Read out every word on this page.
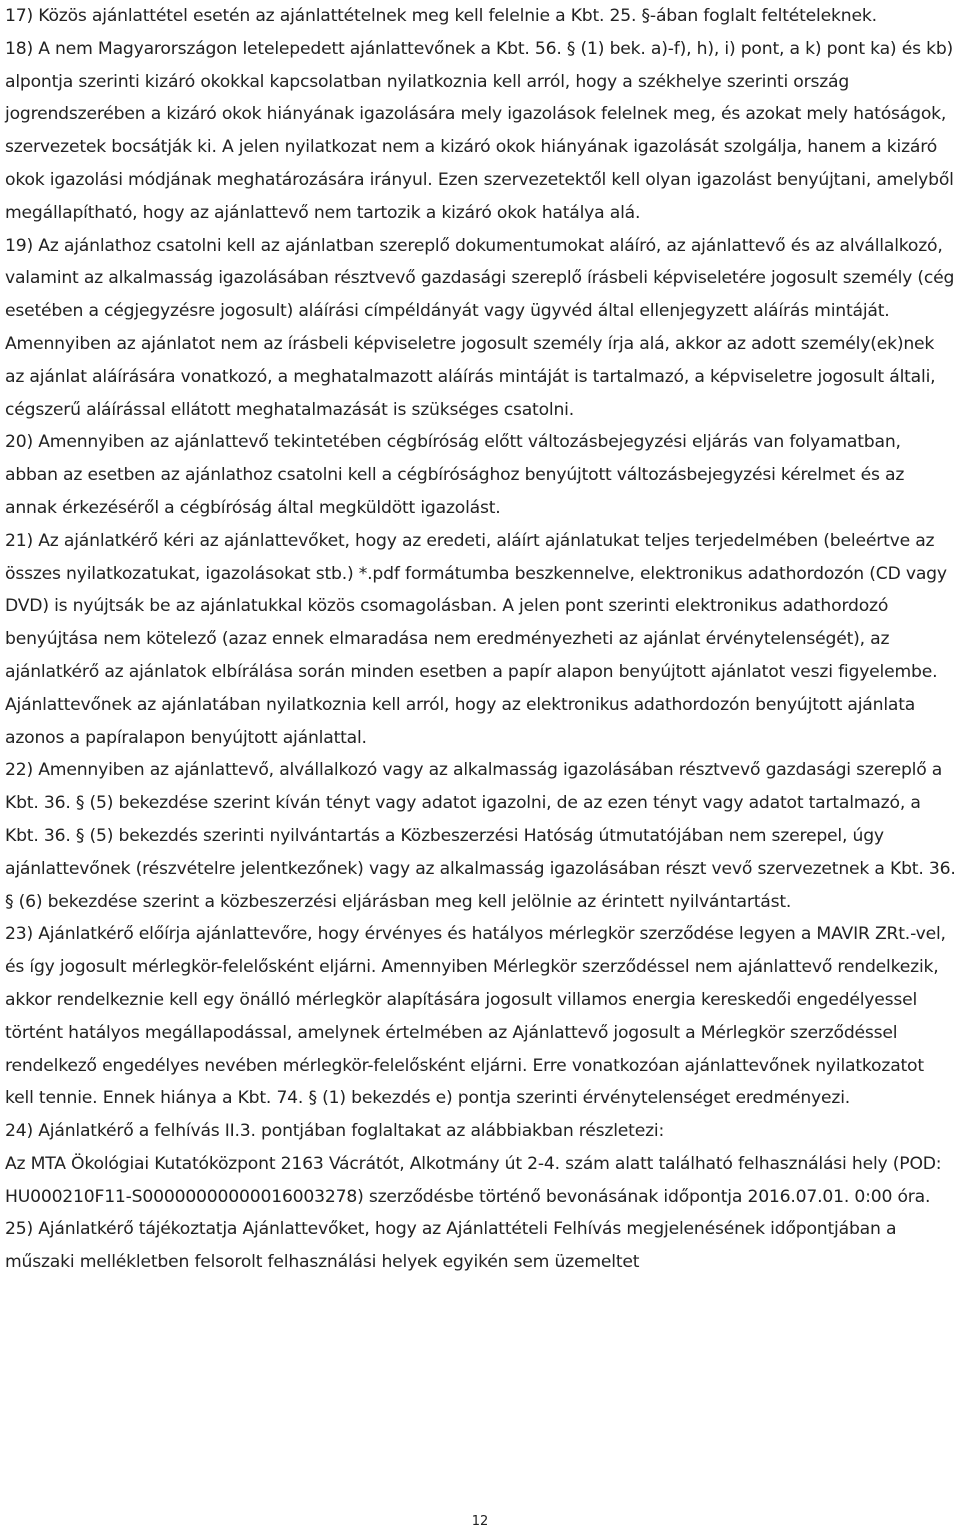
17) Közös ajánlattétel esetén az ajánlattételnek meg kell felelnie a Kbt. 25. §-ában foglalt feltételeknek.

18) A nem Magyarországon letelepedett ajánlattevőnek a Kbt. 56. § (1) bek. a)-f), h), i) pont, a k) pont ka) és kb) alpontja szerinti kizáró okokkal kapcsolatban nyilatkoznia kell arról, hogy a székhelye szerinti ország jogrendszerében a kizáró okok hiányának igazolására mely igazolások felelnek meg, és azokat mely hatóságok, szervezetek bocsátják ki. A jelen nyilatkozat nem a kizáró okok hiányának igazolását szolgálja, hanem a kizáró okok igazolási módjának meghatározására irányul. Ezen szervezetektől kell olyan igazolást benyújtani, amelyből megállapítható, hogy az ajánlattevő nem tartozik a kizáró okok hatálya alá.

19) Az ajánlathoz csatolni kell az ajánlatban szereplő dokumentumokat aláíró, az ajánlattevő és az alvállalkozó, valamint az alkalmasság igazolásában résztvevő gazdasági szereplő írásbeli képviseletére jogosult személy (cég esetében a cégjegyzésre jogosult) aláírási címpéldányát vagy ügyvéd által ellenjegyzett aláírás mintáját. Amennyiben az ajánlatot nem az írásbeli képviseletre jogosult személy írja alá, akkor az adott személy(ek)nek az ajánlat aláírására vonatkozó, a meghatalmazott aláírás mintáját is tartalmazó, a képviseletre jogosult általi, cégszerű aláírással ellátott meghatalmazását is szükséges csatolni.

20) Amennyiben az ajánlattevő tekintetében cégbíróság előtt változásbejegyzési eljárás van folyamatban, abban az esetben az ajánlathoz csatolni kell a cégbírósághoz benyújtott változásbejegyzési kérelmet és az annak érkezéséről a cégbíróság által megküldött igazolást.

21) Az ajánlatkérő kéri az ajánlattevőket, hogy az eredeti, aláírt ajánlatukat teljes terjedelmében (beleértve az összes nyilatkozatukat, igazolásokat stb.) *.pdf formátumba beszkennelve, elektronikus adathordozón (CD vagy DVD) is nyújtsák be az ajánlatukkal közös csomagolásban. A jelen pont szerinti elektronikus adathordozó benyújtása nem kötelező (azaz ennek elmaradása nem eredményezheti az ajánlat érvénytelenségét), az ajánlatkérő az ajánlatok elbírálása során minden esetben a papír alapon benyújtott ajánlatot veszi figyelembe.

Ajánlattevőnek az ajánlatában nyilatkoznia kell arról, hogy az elektronikus adathordozón benyújtott ajánlata azonos a papíralapon benyújtott ajánlattal.

22) Amennyiben az ajánlattevő, alvállalkozó vagy az alkalmasság igazolásában résztvevő gazdasági szereplő a Kbt. 36. § (5) bekezdése szerint kíván tényt vagy adatot igazolni, de az ezen tényt vagy adatot tartalmazó, a Kbt. 36. § (5) bekezdés szerinti nyilvántartás a Közbeszerzési Hatóság útmutatójában nem szerepel, úgy ajánlattevőnek (részvételre jelentkezőnek) vagy az alkalmasság igazolásában részt vevő szervezetnek a Kbt. 36. § (6) bekezdése szerint a közbeszerzési eljárásban meg kell jelölnie az érintett nyilvántartást.

23) Ajánlatkérő előírja ajánlattevőre, hogy érvényes és hatályos mérlegkör szerződése legyen a MAVIR ZRt.-vel, és így jogosult mérlegkör-felelősként eljárni. Amennyiben Mérlegkör szerződéssel nem ajánlattevő rendelkezik, akkor rendelkeznie kell egy önálló mérlegkör alapítására jogosult villamos energia kereskedői engedélyessel történt hatályos megállapodással, amelynek értelmében az Ajánlattevő jogosult a Mérlegkör szerződéssel rendelkező engedélyes nevében mérlegkör-felelősként eljárni. Erre vonatkozóan ajánlattevőnek nyilatkozatot kell tennie. Ennek hiánya a Kbt. 74. § (1) bekezdés e) pontja szerinti érvénytelenséget eredményezi.

24) Ajánlatkérő a felhívás II.3. pontjában foglaltakat az alábbiakban részletezi:

Az MTA Ökológiai Kutatóközpont 2163 Vácrátót, Alkotmány út 2-4. szám alatt található felhasználási hely (POD: HU000210F11-S00000000000016003278) szerződésbe történő bevonásának időpontja 2016.07.01. 0:00 óra.

25) Ajánlatkérő tájékoztatja Ajánlattevőket, hogy az Ajánlattételi Felhívás megjelenésének időpontjában a műszaki mellékletben felsorolt felhasználási helyek egyikén sem üzemeltet

12
